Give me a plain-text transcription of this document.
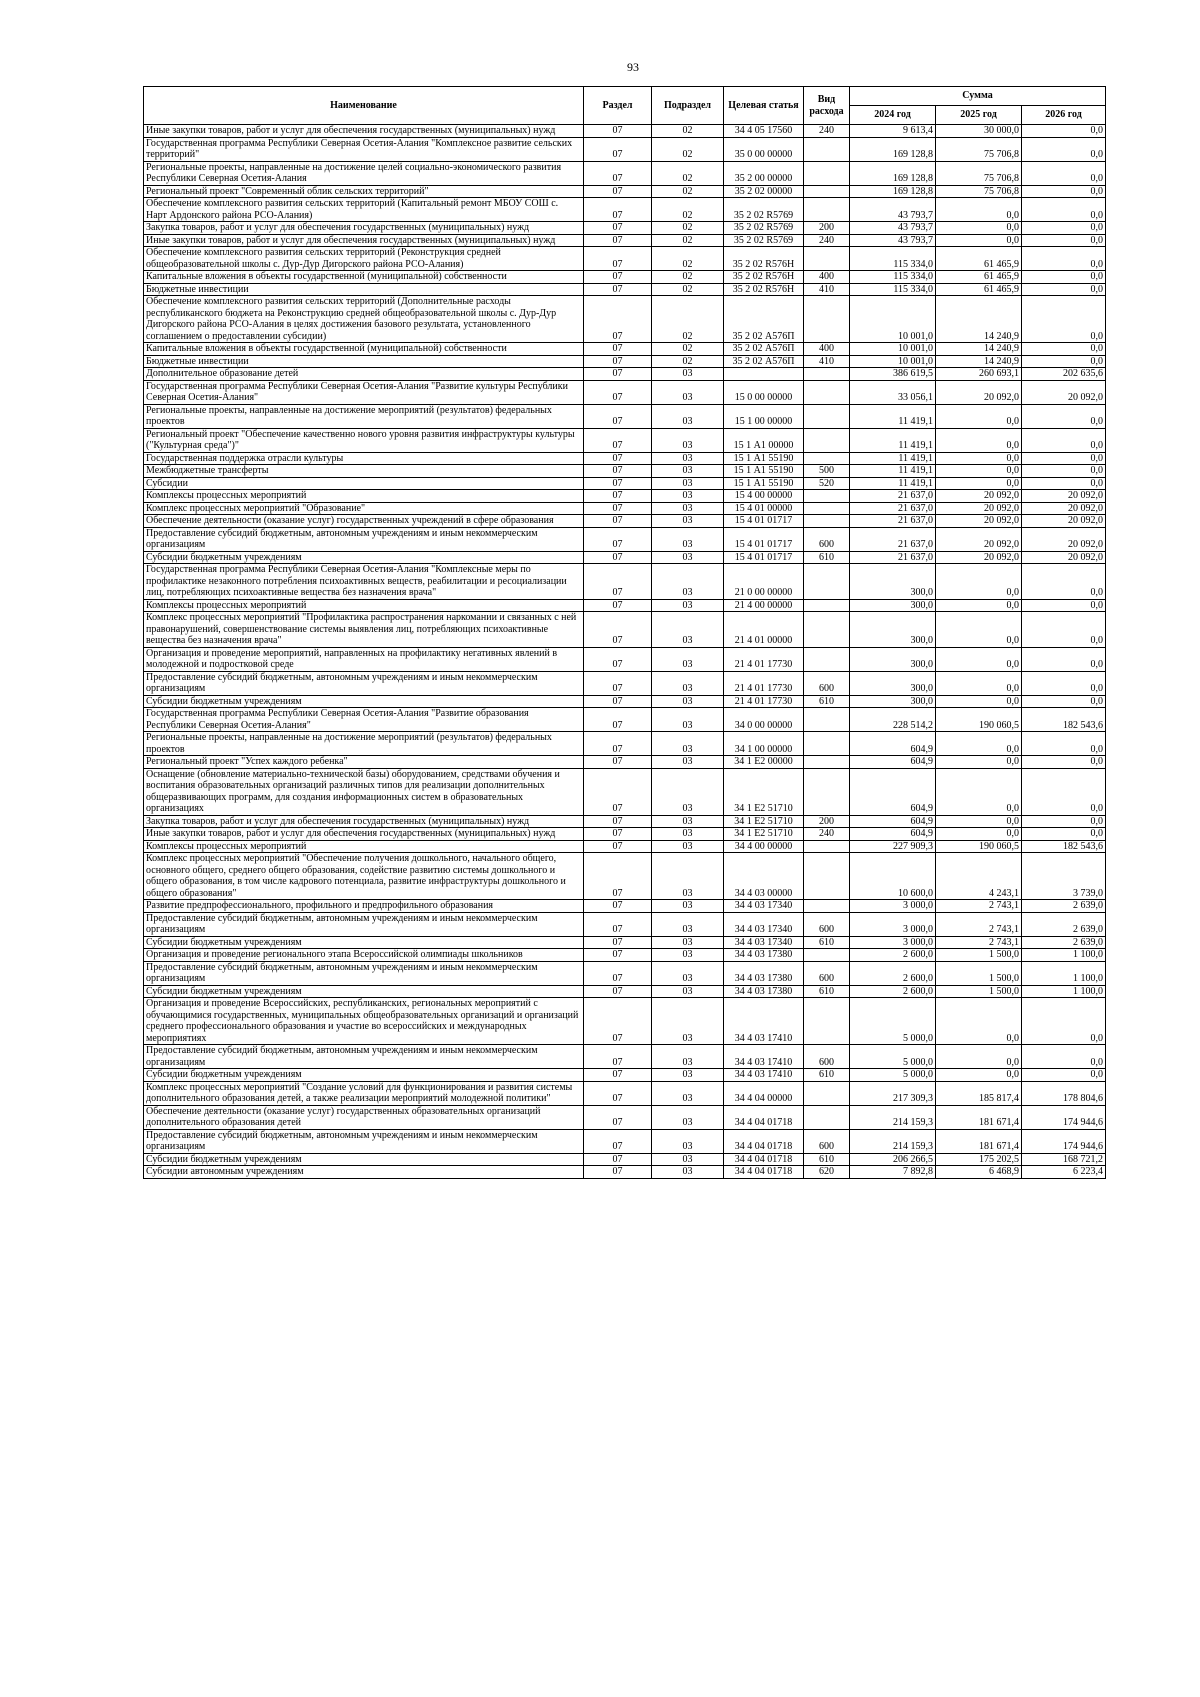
93
Наименование	Раздел	Подраздел	Целевая статья	Вид расхода	Сумма		
					2024 год	2025 год	2026 год
Иные закупки товаров, работ и услуг для обеспечения государственных (муниципальных) нужд	07	02	34 4 05 17560	240	9 613,4	30 000,0	0,0
Государственная программа Республики Северная Осетия-Алания "Комплексное развитие сельских территорий"	07	02	35 0 00 00000		169 128,8	75 706,8	0,0
Региональные проекты, направленные на достижение целей социально-экономического развития Республики Северная Осетия-Алания	07	02	35 2 00 00000		169 128,8	75 706,8	0,0
Региональный проект "Современный облик сельских территорий"	07	02	35 2 02 00000		169 128,8	75 706,8	0,0
Обеспечение комплексного развития сельских территорий (Капитальный ремонт МБОУ СОШ с. Нарт Ардонского района РСО-Алания)	07	02	35 2 02 R5769		43 793,7	0,0	0,0
Закупка товаров, работ и услуг для обеспечения государственных (муниципальных) нужд	07	02	35 2 02 R5769	200	43 793,7	0,0	0,0
Иные закупки товаров, работ и услуг для обеспечения государственных (муниципальных) нужд	07	02	35 2 02 R5769	240	43 793,7	0,0	0,0
Обеспечение комплексного развития сельских территорий (Реконструкция средней общеобразовательной школы с. Дур-Дур Дигорского района РСО-Алания)	07	02	35 2 02 R576Н		115 334,0	61 465,9	0,0
Капитальные вложения в объекты государственной (муниципальной) собственности	07	02	35 2 02 R576Н	400	115 334,0	61 465,9	0,0
Бюджетные инвестиции	07	02	35 2 02 R576Н	410	115 334,0	61 465,9	0,0
Обеспечение комплексного развития сельских территорий (Дополнительные расходы республиканского бюджета на Реконструкцию средней общеобразовательной школы с. Дур-Дур Дигорского района РСО-Алания в целях достижения базового результата, установленного соглашением о предоставлении субсидии)	07	02	35 2 02 А576П		10 001,0	14 240,9	0,0
Капитальные вложения в объекты государственной (муниципальной) собственности	07	02	35 2 02 А576П	400	10 001,0	14 240,9	0,0
Бюджетные инвестиции	07	02	35 2 02 А576П	410	10 001,0	14 240,9	0,0
Дополнительное образование детей	07	03			386 619,5	260 693,1	202 635,6
Государственная программа Республики Северная Осетия-Алания "Развитие культуры Республики Северная Осетия-Алания"	07	03	15 0 00 00000		33 056,1	20 092,0	20 092,0
Региональные проекты, направленные на достижение мероприятий (результатов) федеральных проектов	07	03	15 1 00 00000		11 419,1	0,0	0,0
Региональный проект "Обеспечение качественно нового уровня развития инфраструктуры культуры ("Культурная среда")"	07	03	15 1 А1 00000		11 419,1	0,0	0,0
Государственная поддержка отрасли культуры	07	03	15 1 А1 55190		11 419,1	0,0	0,0
Межбюджетные трансферты	07	03	15 1 А1 55190	500	11 419,1	0,0	0,0
Субсидии	07	03	15 1 А1 55190	520	11 419,1	0,0	0,0
Комплексы процессных мероприятий	07	03	15 4 00 00000		21 637,0	20 092,0	20 092,0
Комплекс процессных мероприятий "Образование"	07	03	15 4 01 00000		21 637,0	20 092,0	20 092,0
Обеспечение деятельности (оказание услуг) государственных учреждений в сфере образования	07	03	15 4 01 01717		21 637,0	20 092,0	20 092,0
Предоставление субсидий бюджетным, автономным учреждениям и иным некоммерческим организациям	07	03	15 4 01 01717	600	21 637,0	20 092,0	20 092,0
Субсидии бюджетным учреждениям	07	03	15 4 01 01717	610	21 637,0	20 092,0	20 092,0
Государственная программа Республики Северная Осетия-Алания "Комплексные меры по профилактике незаконного потребления психоактивных веществ, реабилитации и ресоциализации лиц, потребляющих психоактивные вещества без назначения врача"	07	03	21 0 00 00000		300,0	0,0	0,0
Комплексы процессных мероприятий	07	03	21 4 00 00000		300,0	0,0	0,0
Комплекс процессных мероприятий "Профилактика распространения наркомании и связанных с ней правонарушений, совершенствование системы выявления лиц, потребляющих психоактивные вещества без назначения врача"	07	03	21 4 01 00000		300,0	0,0	0,0
Организация и проведение мероприятий, направленных на профилактику негативных явлений в молодежной и подростковой среде	07	03	21 4 01 17730		300,0	0,0	0,0
Предоставление субсидий бюджетным, автономным учреждениям и иным некоммерческим организациям	07	03	21 4 01 17730	600	300,0	0,0	0,0
Субсидии бюджетным учреждениям	07	03	21 4 01 17730	610	300,0	0,0	0,0
Государственная программа Республики Северная Осетия-Алания "Развитие образования Республики Северная Осетия-Алания"	07	03	34 0 00 00000		228 514,2	190 060,5	182 543,6
Региональные проекты, направленные на достижение мероприятий (результатов) федеральных проектов	07	03	34 1 00 00000		604,9	0,0	0,0
Региональный проект "Успех каждого ребенка"	07	03	34 1 Е2 00000		604,9	0,0	0,0
Оснащение (обновление материально-технической базы) оборудованием, средствами обучения и воспитания образовательных организаций различных типов для реализации дополнительных общеразвивающих программ, для создания информационных систем в образовательных организациях	07	03	34 1 Е2 51710		604,9	0,0	0,0
Закупка товаров, работ и услуг для обеспечения государственных (муниципальных) нужд	07	03	34 1 Е2 51710	200	604,9	0,0	0,0
Иные закупки товаров, работ и услуг для обеспечения государственных (муниципальных) нужд	07	03	34 1 Е2 51710	240	604,9	0,0	0,0
Комплексы процессных мероприятий	07	03	34 4 00 00000		227 909,3	190 060,5	182 543,6
Комплекс процессных мероприятий "Обеспечение получения дошкольного, начального общего, основного общего, среднего общего образования, содействие развитию системы дошкольного и общего образования, в том числе кадрового потенциала, развитие инфраструктуры дошкольного и общего образования"	07	03	34 4 03 00000		10 600,0	4 243,1	3 739,0
Развитие предпрофессионального, профильного и предпрофильного образования	07	03	34 4 03 17340		3 000,0	2 743,1	2 639,0
Предоставление субсидий бюджетным, автономным учреждениям и иным некоммерческим организациям	07	03	34 4 03 17340	600	3 000,0	2 743,1	2 639,0
Субсидии бюджетным учреждениям	07	03	34 4 03 17340	610	3 000,0	2 743,1	2 639,0
Организация и проведение регионального этапа Всероссийской олимпиады школьников	07	03	34 4 03 17380		2 600,0	1 500,0	1 100,0
Предоставление субсидий бюджетным, автономным учреждениям и иным некоммерческим организациям	07	03	34 4 03 17380	600	2 600,0	1 500,0	1 100,0
Субсидии бюджетным учреждениям	07	03	34 4 03 17380	610	2 600,0	1 500,0	1 100,0
Организация и проведение Всероссийских, республиканских, региональных мероприятий с обучающимися государственных, муниципальных общеобразовательных организаций и организаций среднего профессионального образования и участие во всероссийских и международных мероприятиях	07	03	34 4 03 17410		5 000,0	0,0	0,0
Предоставление субсидий бюджетным, автономным учреждениям и иным некоммерческим организациям	07	03	34 4 03 17410	600	5 000,0	0,0	0,0
Субсидии бюджетным учреждениям	07	03	34 4 03 17410	610	5 000,0	0,0	0,0
Комплекс процессных мероприятий "Создание условий для функционирования и развития системы дополнительного образования детей, а также реализации мероприятий молодежной политики"	07	03	34 4 04 00000		217 309,3	185 817,4	178 804,6
Обеспечение деятельности (оказание услуг) государственных образовательных организаций дополнительного образования детей	07	03	34 4 04 01718		214 159,3	181 671,4	174 944,6
Предоставление субсидий бюджетным, автономным учреждениям и иным некоммерческим организациям	07	03	34 4 04 01718	600	214 159,3	181 671,4	174 944,6
Субсидии бюджетным учреждениям	07	03	34 4 04 01718	610	206 266,5	175 202,5	168 721,2
Субсидии автономным учреждениям	07	03	34 4 04 01718	620	7 892,8	6 468,9	6 223,4
